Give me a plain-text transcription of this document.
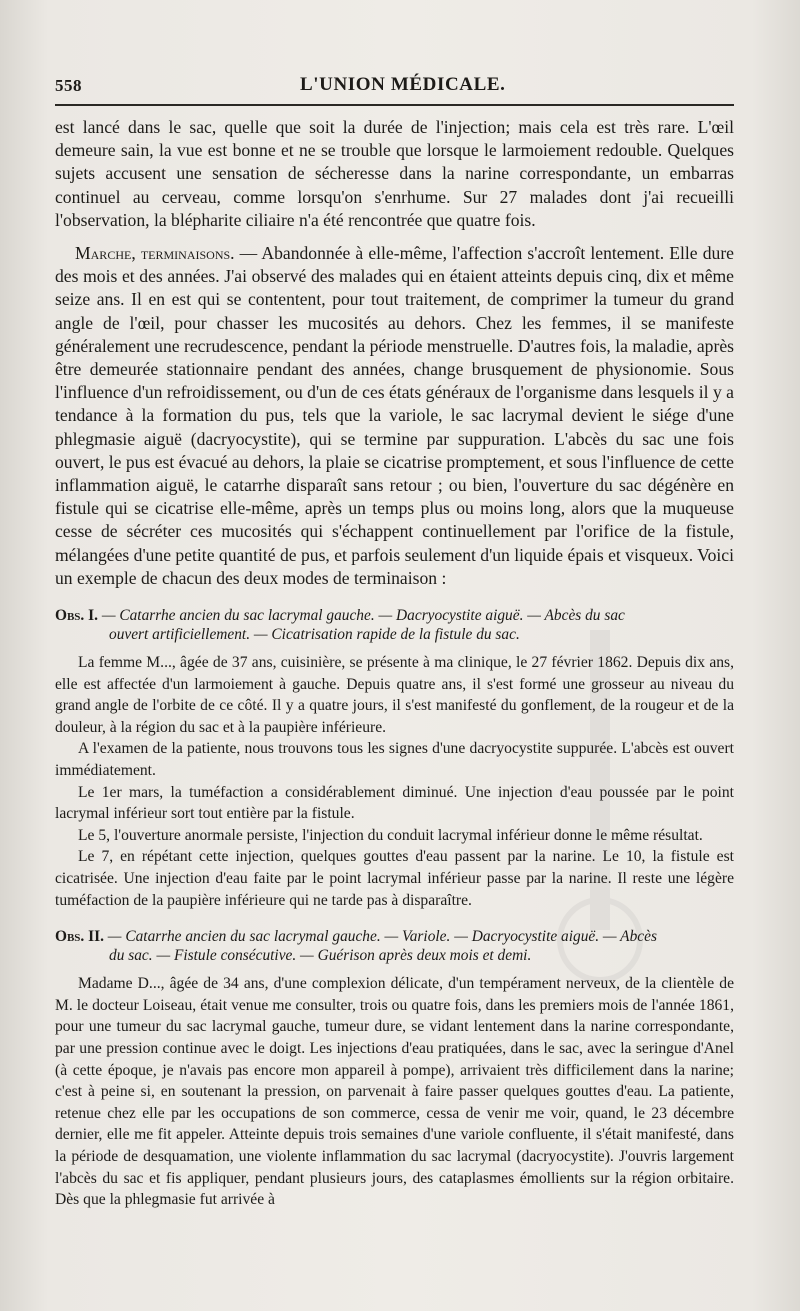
558	L'UNION MÉDICALE.

est lancé dans le sac, quelle que soit la durée de l'injection; mais cela est très rare. L'œil demeure sain, la vue est bonne et ne se trouble que lorsque le larmoiement redouble. Quelques sujets accusent une sensation de sécheresse dans la narine correspondante, un embarras continuel au cerveau, comme lorsqu'on s'enrhume. Sur 27 malades dont j'ai recueilli l'observation, la blépharite ciliaire n'a été rencontrée que quatre fois.

Marche, terminaisons. — Abandonnée à elle-même, l'affection s'accroît lentement. Elle dure des mois et des années. J'ai observé des malades qui en étaient atteints depuis cinq, dix et même seize ans. Il en est qui se contentent, pour tout traitement, de comprimer la tumeur du grand angle de l'œil, pour chasser les mucosités au dehors. Chez les femmes, il se manifeste généralement une recrudescence, pendant la période menstruelle. D'autres fois, la maladie, après être demeurée stationnaire pendant des années, change brusquement de physionomie. Sous l'influence d'un refroidissement, ou d'un de ces états généraux de l'organisme dans lesquels il y a tendance à la formation du pus, tels que la variole, le sac lacrymal devient le siége d'une phlegmasie aiguë (dacryocystite), qui se termine par suppuration. L'abcès du sac une fois ouvert, le pus est évacué au dehors, la plaie se cicatrise promptement, et sous l'influence de cette inflammation aiguë, le catarrhe disparaît sans retour ; ou bien, l'ouverture du sac dégénère en fistule qui se cicatrise elle-même, après un temps plus ou moins long, alors que la muqueuse cesse de sécréter ces mucosités qui s'échappent continuellement par l'orifice de la fistule, mélangées d'une petite quantité de pus, et parfois seulement d'un liquide épais et visqueux. Voici un exemple de chacun des deux modes de terminaison :

Obs. I. — Catarrhe ancien du sac lacrymal gauche. — Dacryocystite aiguë. — Abcès du sac
ouvert artificiellement. — Cicatrisation rapide de la fistule du sac.

La femme M..., âgée de 37 ans, cuisinière, se présente à ma clinique, le 27 février 1862. Depuis dix ans, elle est affectée d'un larmoiement à gauche. Depuis quatre ans, il s'est formé une grosseur au niveau du grand angle de l'orbite de ce côté. Il y a quatre jours, il s'est manifesté du gonflement, de la rougeur et de la douleur, à la région du sac et à la paupière inférieure.

A l'examen de la patiente, nous trouvons tous les signes d'une dacryocystite suppurée. L'abcès est ouvert immédiatement.

Le 1er mars, la tuméfaction a considérablement diminué. Une injection d'eau poussée par le point lacrymal inférieur sort tout entière par la fistule.

Le 5, l'ouverture anormale persiste, l'injection du conduit lacrymal inférieur donne le même résultat.

Le 7, en répétant cette injection, quelques gouttes d'eau passent par la narine. Le 10, la fistule est cicatrisée. Une injection d'eau faite par le point lacrymal inférieur passe par la narine. Il reste une légère tuméfaction de la paupière inférieure qui ne tarde pas à disparaître.

Obs. II. — Catarrhe ancien du sac lacrymal gauche. — Variole. — Dacryocystite aiguë. — Abcès
du sac. — Fistule consécutive. — Guérison après deux mois et demi.

Madame D..., âgée de 34 ans, d'une complexion délicate, d'un tempérament nerveux, de la clientèle de M. le docteur Loiseau, était venue me consulter, trois ou quatre fois, dans les premiers mois de l'année 1861, pour une tumeur du sac lacrymal gauche, tumeur dure, se vidant lentement dans la narine correspondante, par une pression continue avec le doigt. Les injections d'eau pratiquées, dans le sac, avec la seringue d'Anel (à cette époque, je n'avais pas encore mon appareil à pompe), arrivaient très difficilement dans la narine; c'est à peine si, en soutenant la pression, on parvenait à faire passer quelques gouttes d'eau. La patiente, retenue chez elle par les occupations de son commerce, cessa de venir me voir, quand, le 23 décembre dernier, elle me fit appeler. Atteinte depuis trois semaines d'une variole confluente, il s'était manifesté, dans la période de desquamation, une violente inflammation du sac lacrymal (dacryocystite). J'ouvris largement l'abcès du sac et fis appliquer, pendant plusieurs jours, des cataplasmes émollients sur la région orbitaire. Dès que la phlegmasie fut arrivée à
